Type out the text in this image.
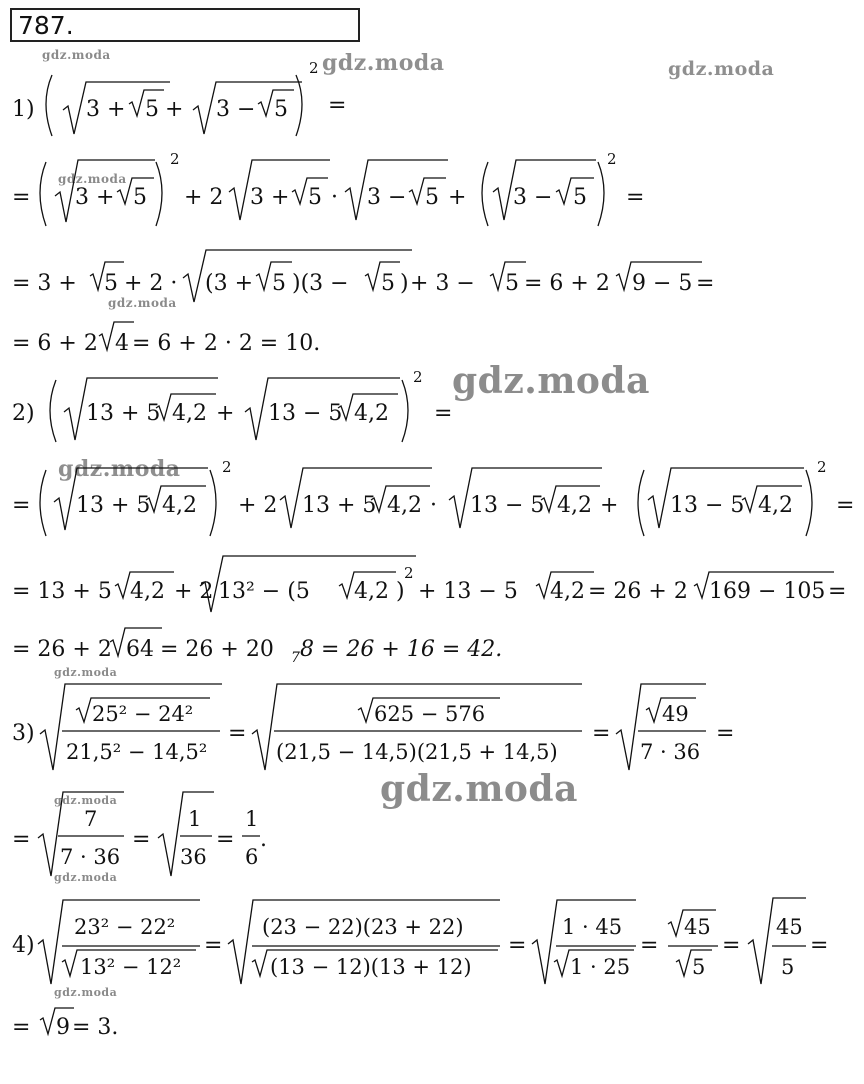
787.
gdz.moda	gdz.moda	gdz.moda
gdz.moda
gdz.moda
gdz.moda
gdz.moda
gdz.moda
gdz.moda
gdz.moda
gdz.moda
gdz.moda
1) 3 + 5 + 3 − 5
2
=
= 3 + 5
2
+ 2 3 + 5 · 3 − 5 + 3 − 5
2
=
= 3 + 5 + 2 · (3 + 5 )(3 − 5 ) + 3 − 5 = 6 + 2 9 − 5 =
= 6 + 2 4 = 6 + 2 · 2 = 10.
2) 13 + 5 4,2 + 13 − 5 4,2
2
=
= 13 + 5 4,2
2
+ 2 13 + 5 4,2 · 13 − 5 4,2 + 13 − 5 4,2
2
=
= 13 + 5 4,2 + 2 13² − (5 4,2 )
2
+ 13 − 5 4,2 = 26 + 2 169 − 105 =
= 26 + 2 64 = 26 + 20 7 8 = 26 + 16 = 42.
3)
25² − 24²
21,5² − 14,5²
=
625 − 576
(21,5 − 14,5)(21,5 + 14,5)
=
49
7 · 36
=
=
7
7 · 36
=
1
36
=
1
6
.
4)
23² − 22²
13² − 12²
=
(23 − 22)(23 + 22)
(13 − 12)(13 + 12)
=
1 · 45
1 · 25
=
45
5
=
45
5
=
= 9 = 3.
